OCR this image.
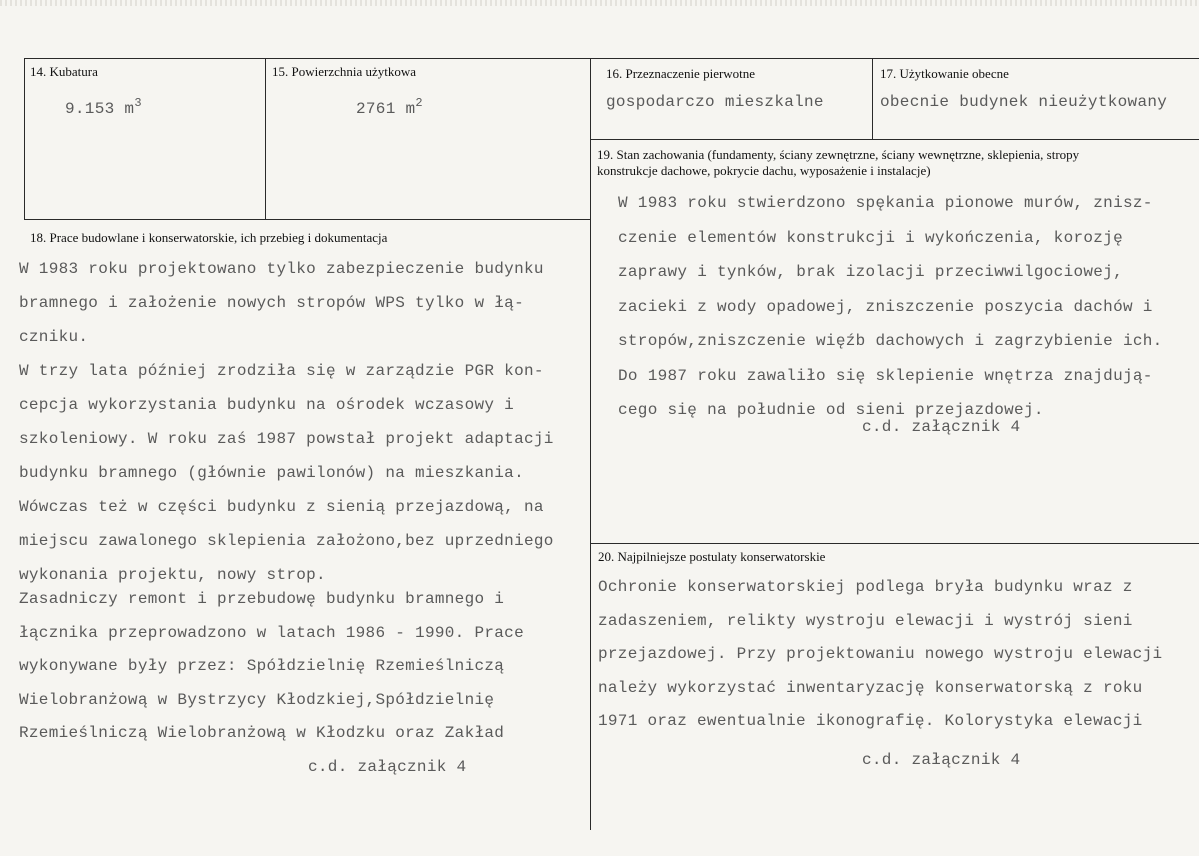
14. Kubatura
9.153 $m^3$
15. Powierzchnia użytkowa
2761 $m^2$
16. Przeznaczenie pierwotne
gospodarczo mieszkalne
17. Użytkowanie obecne
obecnie budynek nieużytkowany
19. Stan zachowania (fundamenty, ściany zewnętrzne, ściany wewnętrzne, sklepienia, stropy
konstrukcje dachowe, pokrycie dachu, wyposażenie i instalacje)
W 1983 roku stwierdzono spękania pionowe murów, znisz-
czenie elementów konstrukcji i wykończenia, korozję
zaprawy i tynków, brak izolacji przeciwwilgociowej,
zacieki z wody opadowej, zniszczenie poszycia dachów i
stropów,zniszczenie więźb dachowych i zagrzybienie ich.
Do 1987 roku zawaliło się sklepienie wnętrza znajdują-
cego się na południe od sieni przejazdowej.
c.d. załącznik 4
18. Prace budowlane i konserwatorskie, ich przebieg i dokumentacja
W 1983 roku projektowano tylko zabezpieczenie budynku
bramnego i założenie nowych stropów WPS tylko w łą-
czniku.
W trzy lata później zrodziła się w zarządzie PGR kon-
cepcja wykorzystania budynku na ośrodek wczasowy i
szkoleniowy. W roku zaś 1987 powstał projekt adaptacji
budynku bramnego (głównie pawilonów) na mieszkania.
Wówczas też w części budynku z sienią przejazdową, na
miejscu zawalonego sklepienia założono,bez uprzedniego
wykonania projektu, nowy strop.
Zasadniczy remont i przebudowę budynku bramnego i
łącznika przeprowadzono w latach 1986 - 1990. Prace
wykonywane były przez: Spółdzielnię Rzemieślniczą
Wielobranżową w Bystrzycy Kłodzkiej,Spółdzielnię
Rzemieślniczą Wielobranżową w Kłodzku oraz Zakład
c.d. załącznik 4
20. Najpilniejsze postulaty konserwatorskie
Ochronie konserwatorskiej podlega bryła budynku wraz z
zadaszeniem, relikty wystroju elewacji i wystrój sieni
przejazdowej. Przy projektowaniu nowego wystroju elewacji
należy wykorzystać inwentaryzację konserwatorską z roku
1971 oraz ewentualnie ikonografię. Kolorystyka elewacji
c.d. załącznik 4
